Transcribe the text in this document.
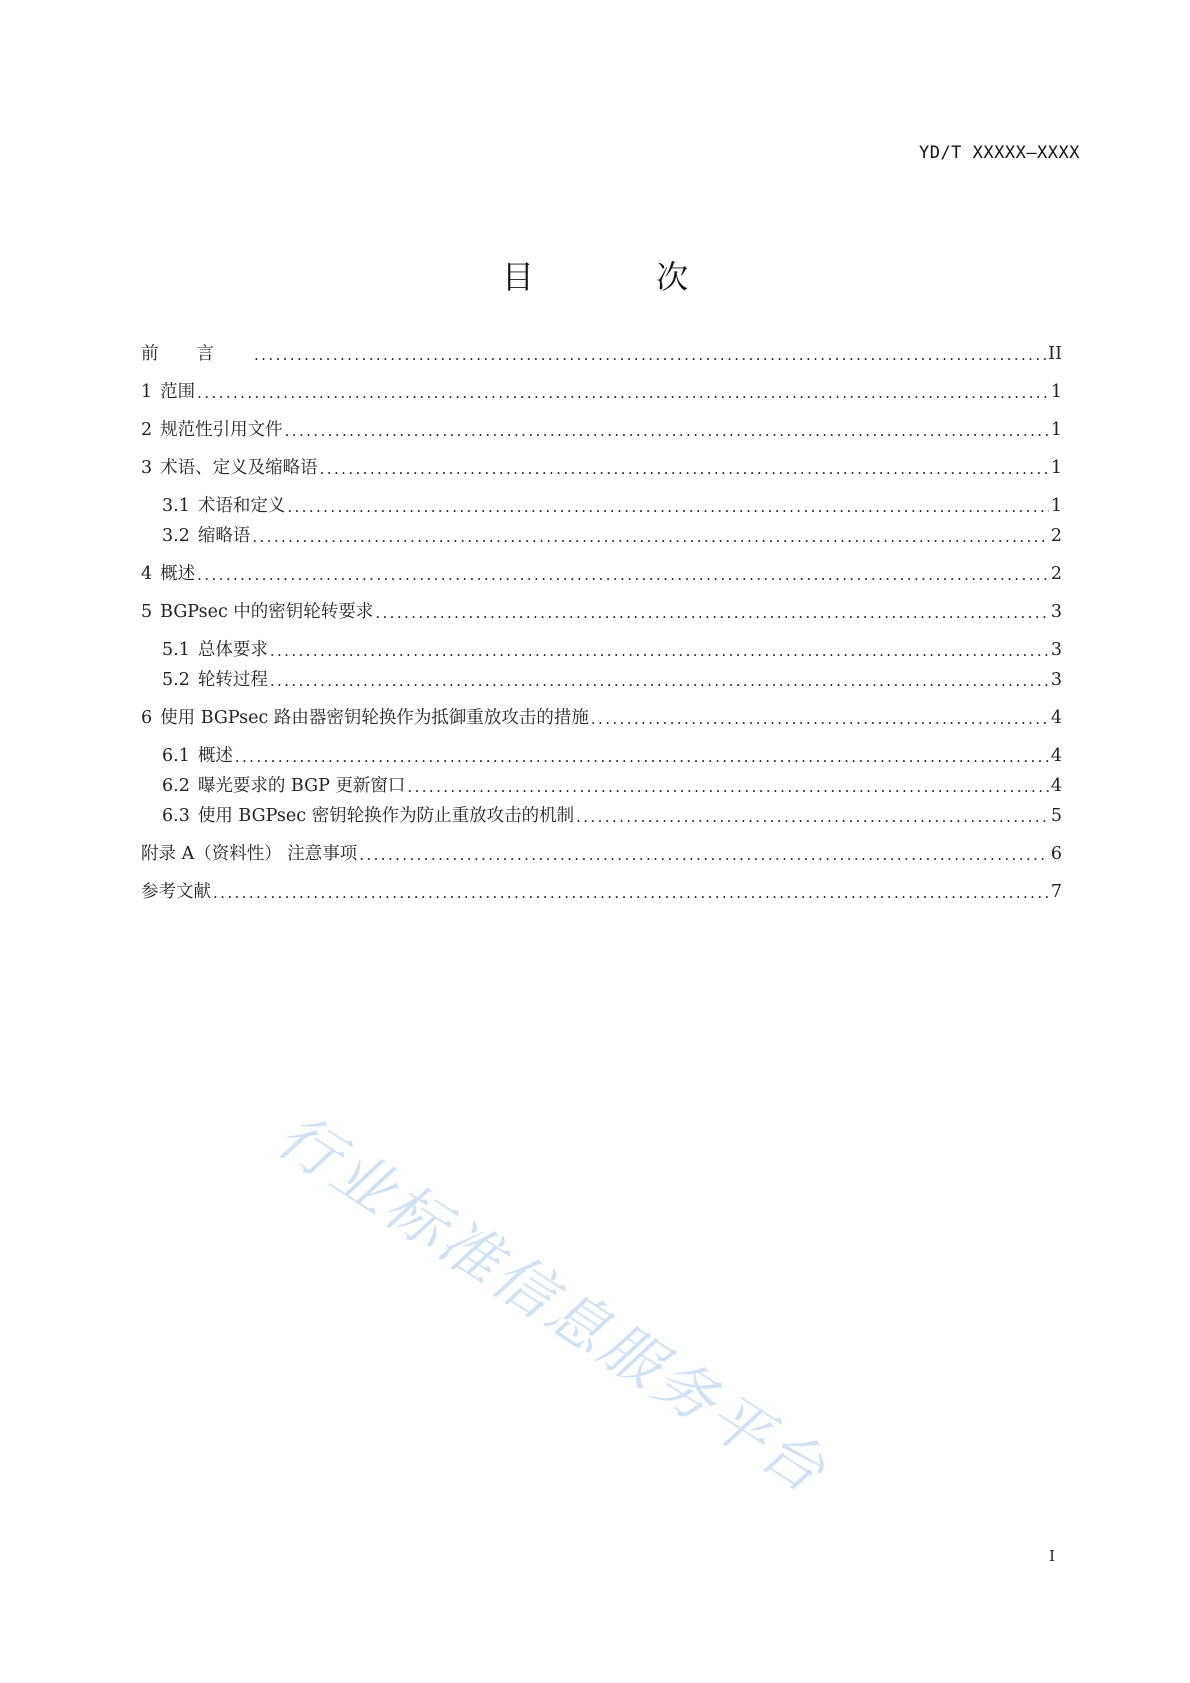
YD/T XXXXX—XXXX
目 次
前言 .....	II
1 范围 .....	1
2 规范性引用文件 .....	1
3 术语、定义及缩略语 .....	1
3.1 术语和定义 .....	1
3.2 缩略语 .....	2
4 概述 .....	2
5 BGPsec 中的密钥轮转要求 .....	3
5.1 总体要求 .....	3
5.2 轮转过程 .....	3
6 使用 BGPsec 路由器密钥轮换作为抵御重放攻击的措施 .....	4
6.1 概述 .....	4
6.2 曝光要求的 BGP 更新窗口 .....	4
6.3 使用 BGPsec 密钥轮换作为防止重放攻击的机制 .....	5
附录 A（资料性） 注意事项 .....	6
参考文献 .....	7
行业标准信息服务平台
I
